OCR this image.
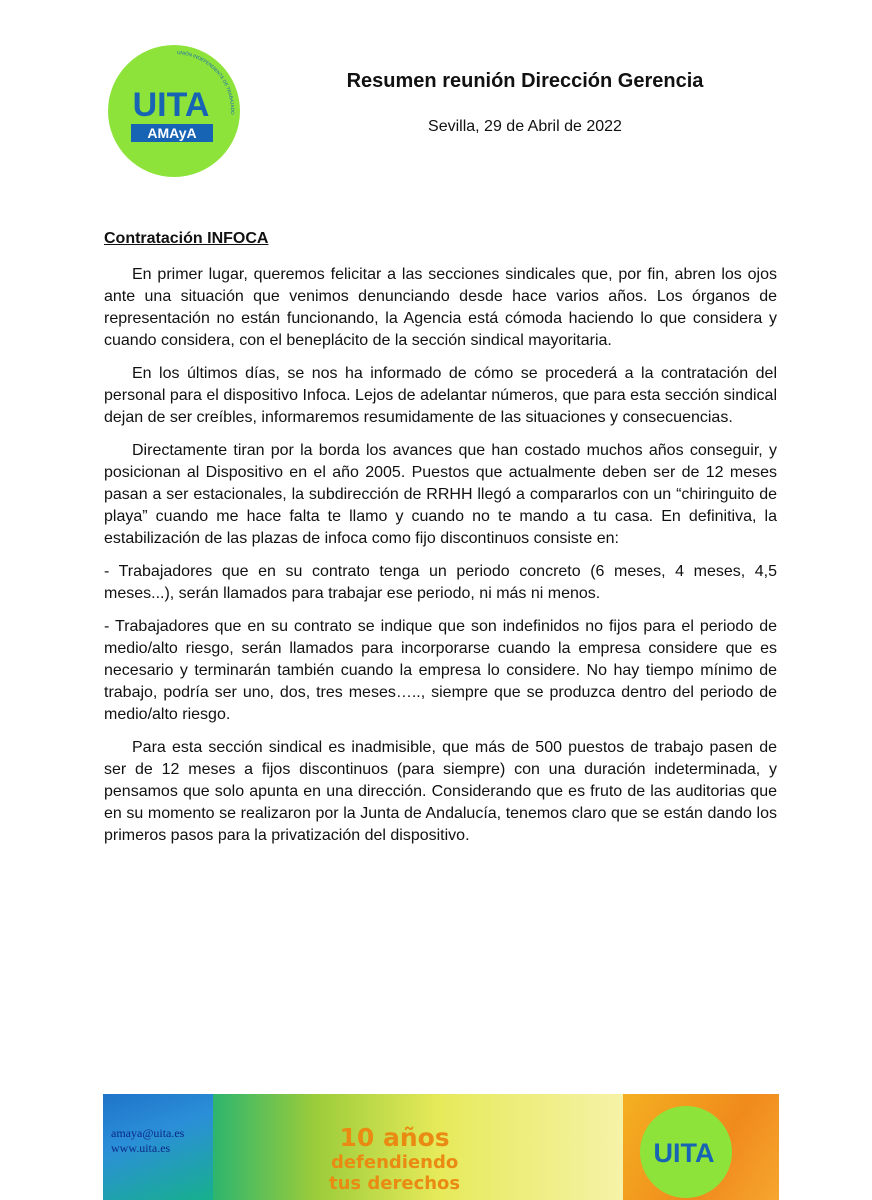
UITA
AMAyA
UNIÓN INDEPENDIENTE DE TRABAJADO
Resumen reunión Dirección Gerencia

Sevilla, 29 de Abril de 2022

Contratación INFOCA

En primer lugar, queremos felicitar a las secciones sindicales que, por fin, abren los ojos ante una situación que venimos denunciando desde hace varios años. Los órganos de representación no están funcionando, la Agencia está cómoda haciendo lo que considera y cuando considera, con el beneplácito de la sección sindical mayoritaria.

En los últimos días, se nos ha informado de cómo se procederá a la contratación del personal para el dispositivo Infoca. Lejos de adelantar números, que para esta sección sindical dejan de ser creíbles, informaremos resumidamente de las situaciones y consecuencias.

Directamente tiran por la borda los avances que han costado muchos años conseguir, y posicionan al Dispositivo en el año 2005. Puestos que actualmente deben ser de 12 meses pasan a ser estacionales, la subdirección de RRHH llegó a compararlos con un “chiringuito de playa” cuando me hace falta te llamo y cuando no te mando a tu casa. En definitiva, la estabilización de las plazas de infoca como fijo discontinuos consiste en:

- Trabajadores que en su contrato tenga un periodo concreto (6 meses, 4 meses, 4,5 meses...), serán llamados para trabajar ese periodo, ni más ni menos.

- Trabajadores que en su contrato se indique que son indefinidos no fijos para el periodo de medio/alto riesgo, serán llamados para incorporarse cuando la empresa considere que es necesario y terminarán también cuando la empresa lo considere. No hay tiempo mínimo de trabajo, podría ser uno, dos, tres meses….., siempre que se produzca dentro del periodo de medio/alto riesgo.

Para esta sección sindical es inadmisible, que más de 500 puestos de trabajo pasen de ser de 12 meses a fijos discontinuos (para siempre) con una duración indeterminada, y pensamos que solo apunta en una dirección. Considerando que es fruto de las auditorias que en su momento se realizaron por la Junta de Andalucía, tenemos claro que se están dando los primeros pasos para la privatización del dispositivo.

amaya@uita.es
www.uita.es	10 años
defendiendo
tus derechos
UITA
